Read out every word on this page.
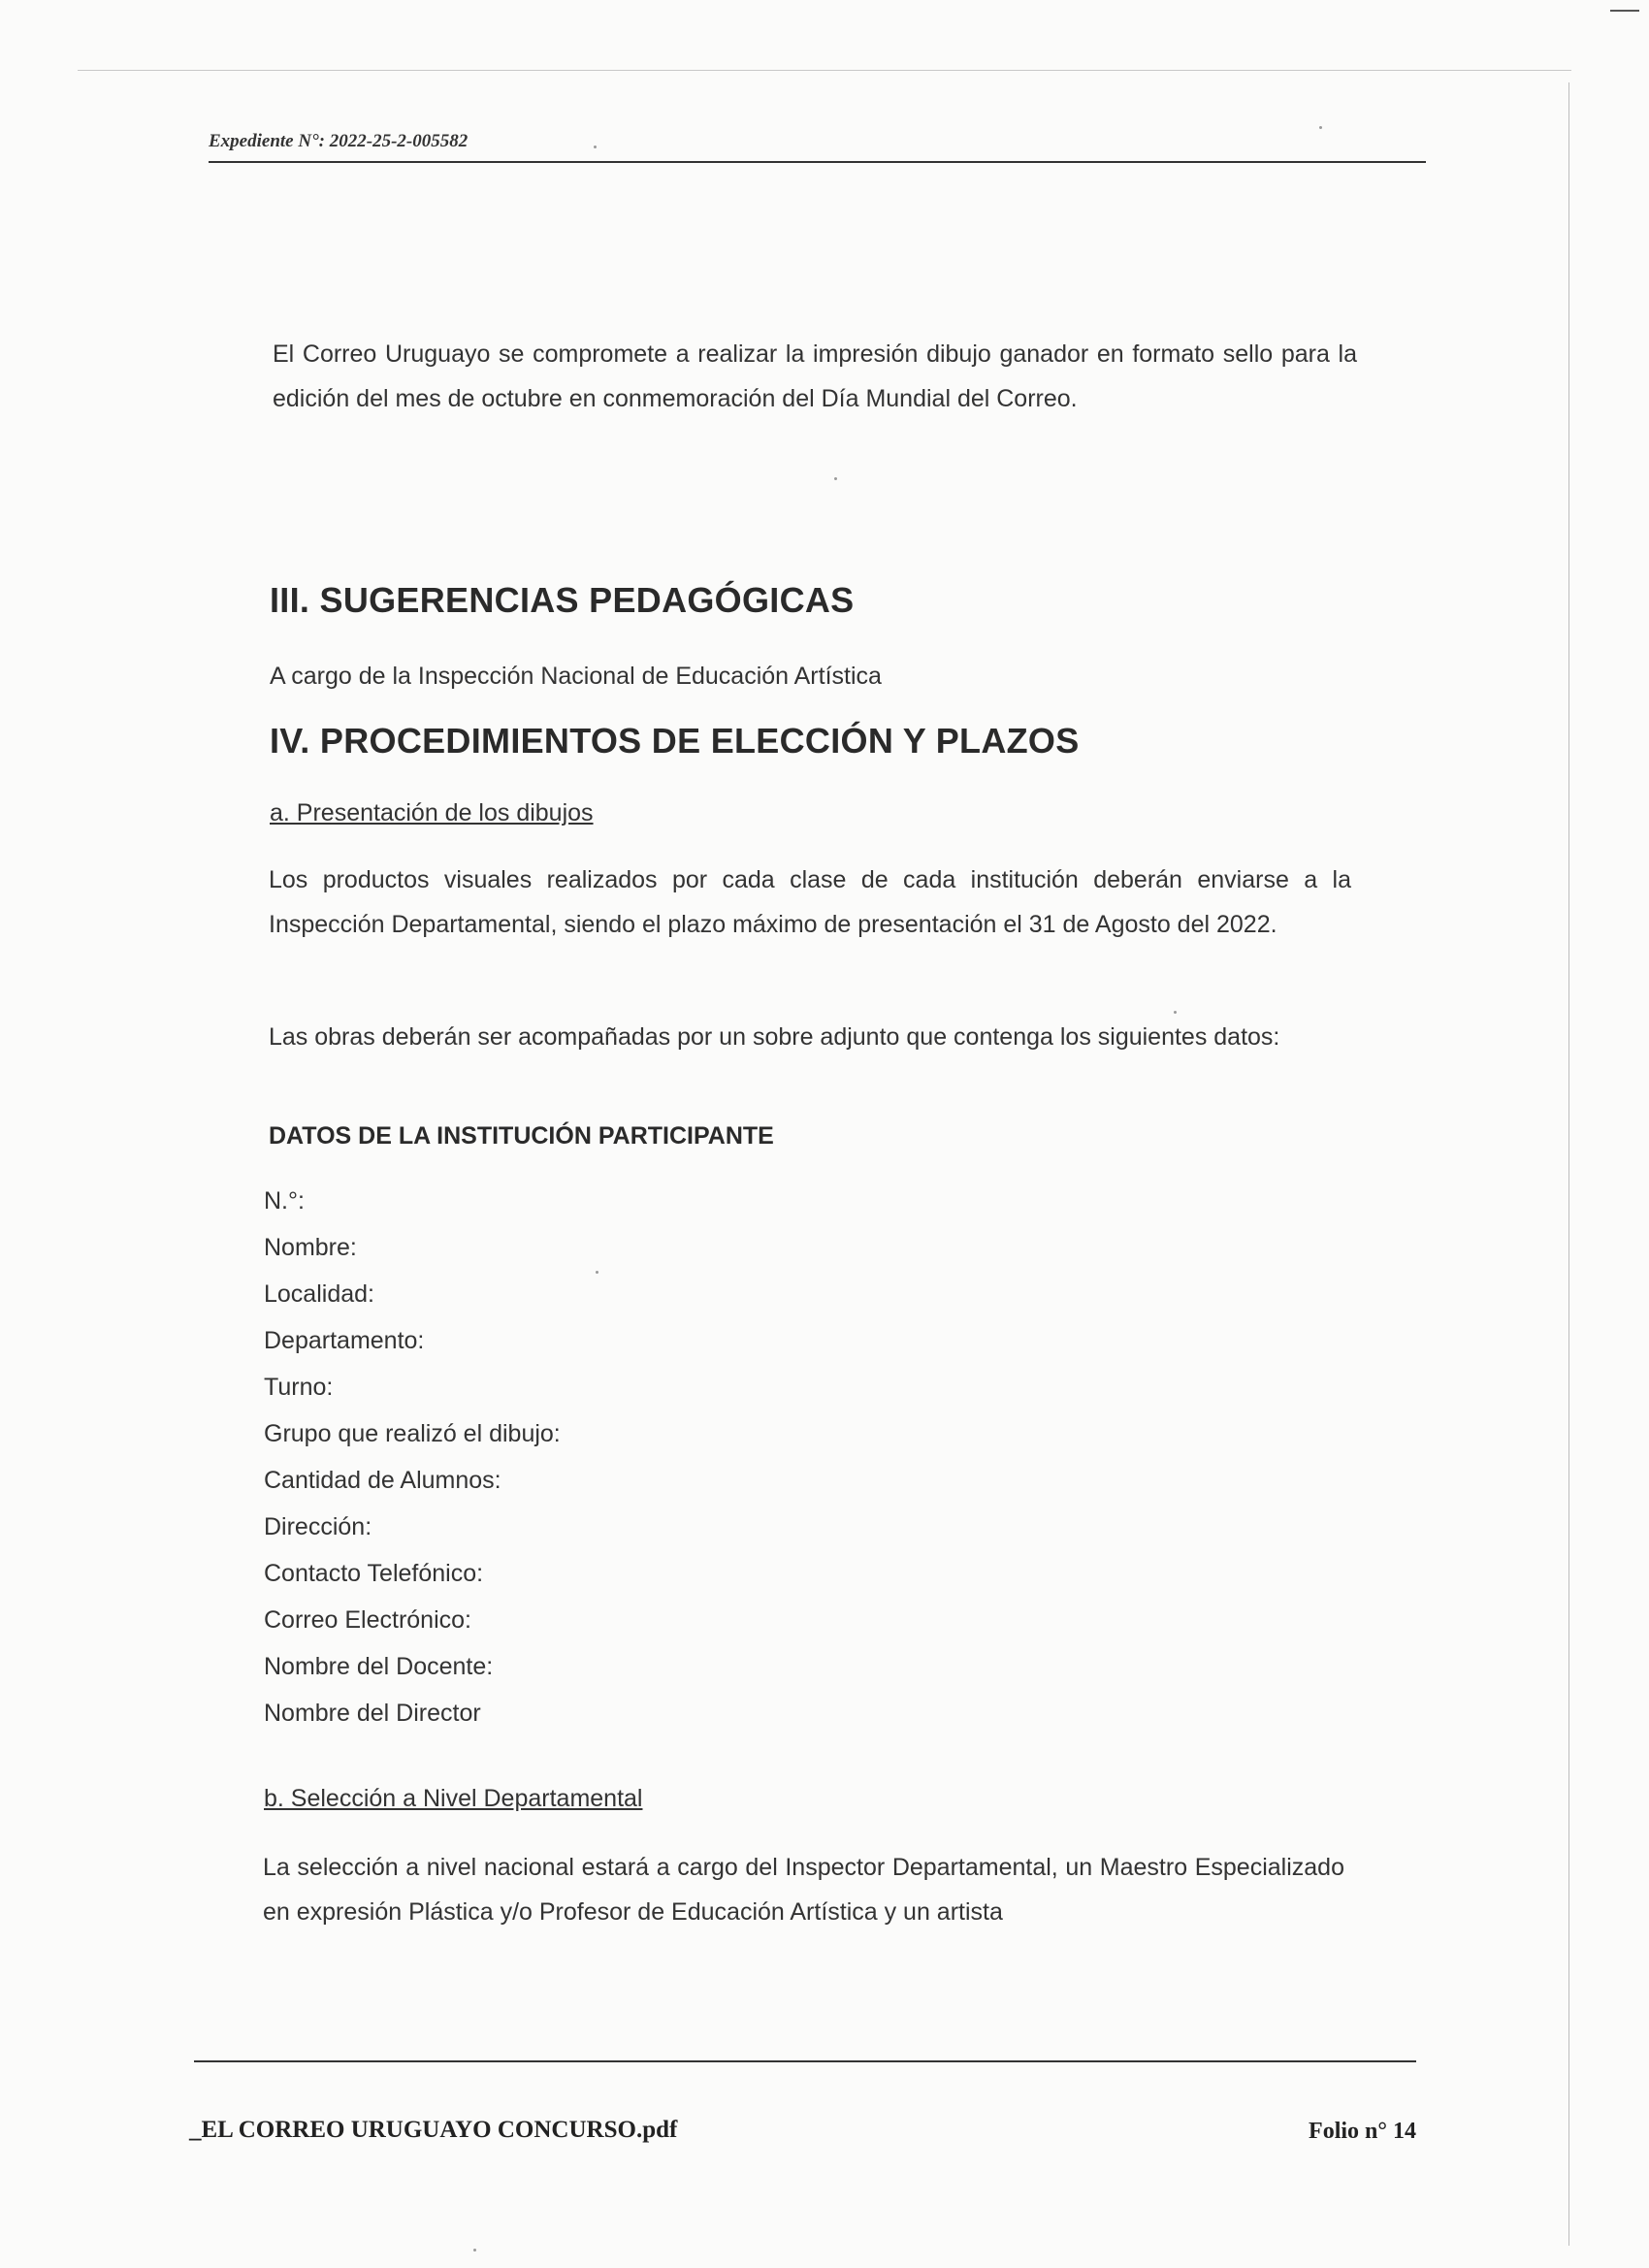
Expediente N°: 2022-25-2-005582
El Correo Uruguayo se compromete a realizar la impresión dibujo ganador en formato sello para la edición del mes de octubre en conmemoración del Día Mundial del Correo.
III. SUGERENCIAS PEDAGÓGICAS
A cargo de la Inspección Nacional de Educación Artística
IV. PROCEDIMIENTOS DE ELECCIÓN Y PLAZOS
a. Presentación de los dibujos
Los productos visuales realizados por cada clase de cada institución deberán enviarse a la Inspección Departamental, siendo el plazo máximo de presentación el 31 de Agosto del 2022.
Las obras deberán ser acompañadas por un sobre adjunto que contenga los siguientes datos:
DATOS DE LA INSTITUCIÓN PARTICIPANTE
N.°:
Nombre:
Localidad:
Departamento:
Turno:
Grupo que realizó el dibujo:
Cantidad de Alumnos:
Dirección:
Contacto Telefónico:
Correo Electrónico:
Nombre del Docente:
Nombre del Director
b. Selección a Nivel Departamental
La selección a nivel nacional estará a cargo del Inspector Departamental, un Maestro Especializado en expresión Plástica y/o Profesor de Educación Artística y un artista
_EL CORREO URUGUAYO CONCURSO.pdf	Folio n° 14
